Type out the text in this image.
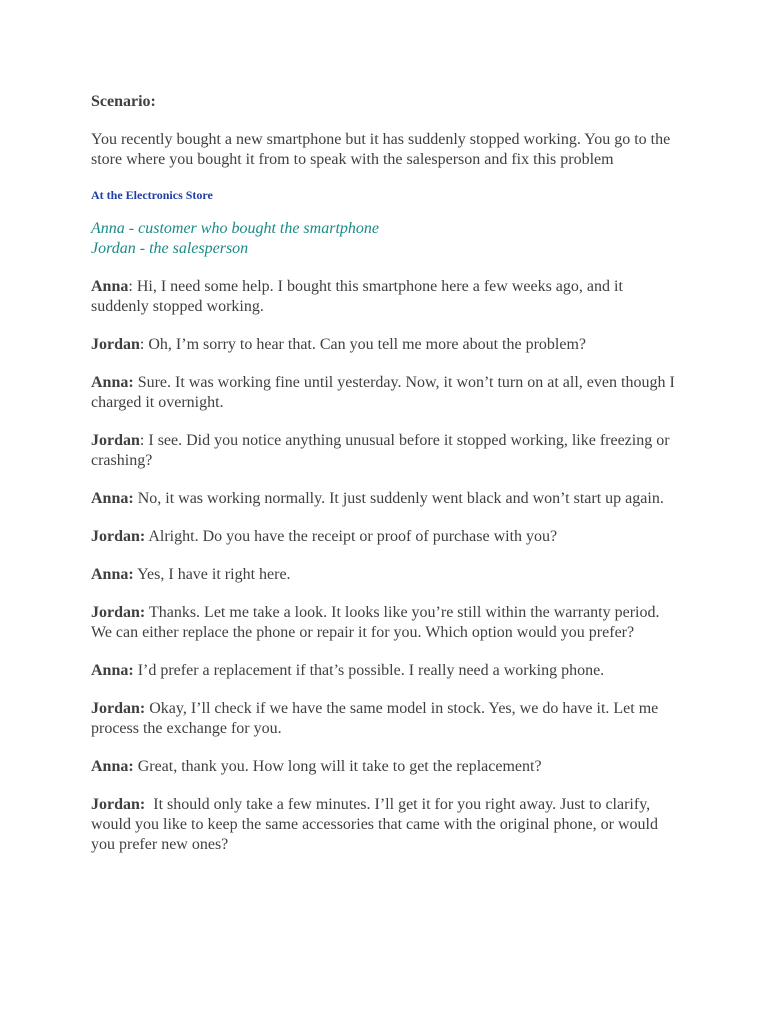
Scenario:

You recently bought a new smartphone but it has suddenly stopped working. You go to the store where you bought it from to speak with the salesperson and fix this problem

At the Electronics Store

Anna - customer who bought the smartphone

Jordan - the salesperson

Anna: Hi, I need some help. I bought this smartphone here a few weeks ago, and it suddenly stopped working.

Jordan: Oh, I’m sorry to hear that. Can you tell me more about the problem?

Anna: Sure. It was working fine until yesterday. Now, it won’t turn on at all, even though I charged it overnight.

Jordan: I see. Did you notice anything unusual before it stopped working, like freezing or crashing?

Anna: No, it was working normally. It just suddenly went black and won’t start up again.

Jordan: Alright. Do you have the receipt or proof of purchase with you?

Anna: Yes, I have it right here.

Jordan: Thanks. Let me take a look. It looks like you’re still within the warranty period. We can either replace the phone or repair it for you. Which option would you prefer?

Anna: I’d prefer a replacement if that’s possible. I really need a working phone.

Jordan: Okay, I’ll check if we have the same model in stock. Yes, we do have it. Let me process the exchange for you.

Anna: Great, thank you. How long will it take to get the replacement?

Jordan:  It should only take a few minutes. I’ll get it for you right away. Just to clarify, would you like to keep the same accessories that came with the original phone, or would you prefer new ones?
